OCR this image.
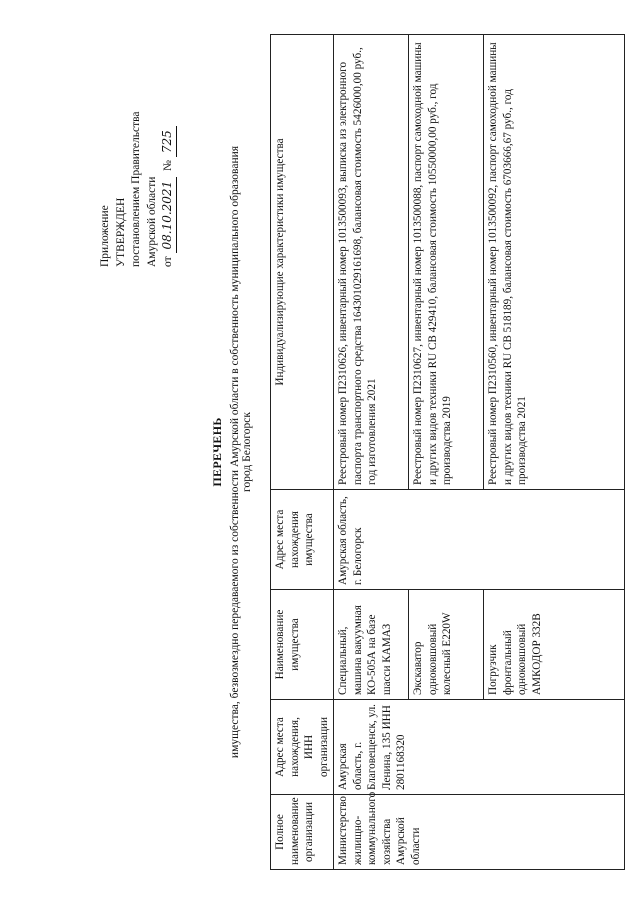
Приложение УТВЕРЖДЕН постановлением Правительства Амурской области от 08.10.2021  № 725
ПЕРЕЧЕНЬ имущества, безвозмездно передаваемого из собственности Амурской области в собственность муниципального образования город Белогорск
Полное наименование организации	Адрес места нахождения, ИНН организации	Наименование имущества	Адрес места нахождения имущества	Индивидуализирующие характеристики имущества
Министерство жилищно-коммунального хозяйства Амурской области	Амурская область, г. Благовещенск, ул. Ленина, 135 ИНН 2801168320	Специальный, машина вакуумная КО-505А на базе шасси КАМАЗ	Амурская область, г. Белогорск	Реестровый номер П2310626, инвентарный номер 1013500093, выписка из электронного паспорта транспортного средства 164301029161698, балансовая стоимость 5426000,00 руб., год изготовления 2021
		Экскаватор одноковшовый колесный Е220W		Реестровый номер П2310627, инвентарный номер 1013500088, паспорт самоходной машины и других видов техники RU CB 429410, балансовая стоимость 10550000,00 руб., год производства 2019
		Погрузчик фронтальный одноковшовый АМКОДОР 332В		Реестровый номер П2310560, инвентарный номер 1013500092, паспорт самоходной машины и других видов техники RU CB 518189, балансовая стоимость 6703666,67 руб., год производства 2021
